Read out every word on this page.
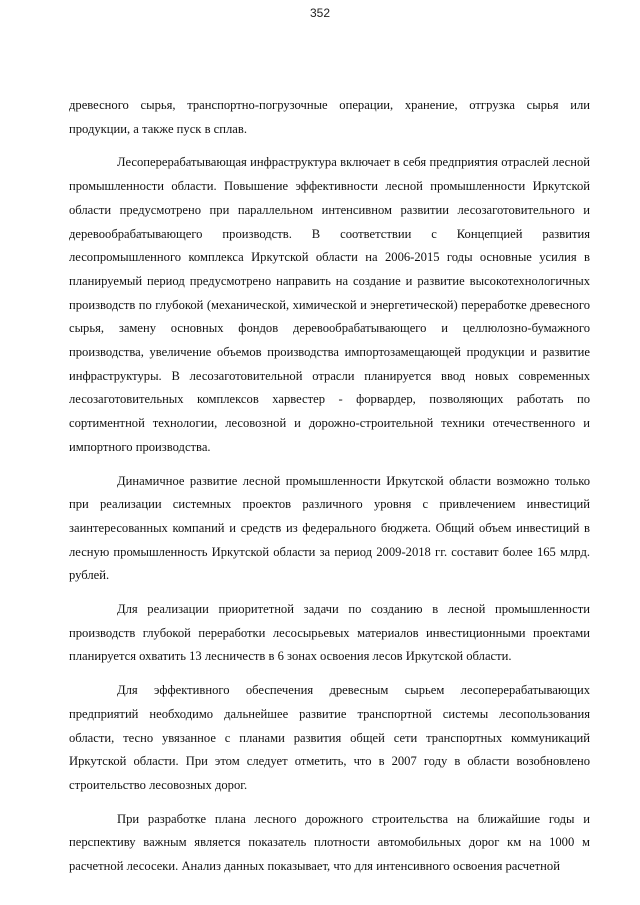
352

древесного сырья, транспортно-погрузочные операции, хранение, отгрузка сырья или продукции, а также пуск в сплав.

Лесоперерабатывающая инфраструктура включает в себя предприятия отраслей лесной промышленности области. Повышение эффективности лесной промышленности Иркутской области предусмотрено при параллельном интенсивном развитии лесозаготовительного и деревообрабатывающего производств. В соответствии с Концепцией развития лесопромышленного комплекса Иркутской области на 2006-2015 годы основные усилия в планируемый период предусмотрено направить на создание и развитие высокотехнологичных производств по глубокой (механической, химической и энергетической) переработке древесного сырья, замену основных фондов деревообрабатывающего и целлюлозно-бумажного производства, увеличение объемов производства импортозамещающей продукции и развитие инфраструктуры. В лесозаготовительной отрасли планируется ввод новых современных лесозаготовительных комплексов харвестер - форвардер, позволяющих работать по сортиментной технологии, лесовозной и дорожно-строительной техники отечественного и импортного производства.

Динамичное развитие лесной промышленности Иркутской области возможно только при реализации системных проектов различного уровня с привлечением инвестиций заинтересованных компаний и средств из федерального бюджета. Общий объем инвестиций в лесную промышленность Иркутской области за период 2009-2018 гг. составит более 165 млрд. рублей.

Для реализации приоритетной задачи по созданию в лесной промышленности производств глубокой переработки лесосырьевых материалов инвестиционными проектами планируется охватить 13 лесничеств в 6 зонах освоения лесов Иркутской области.

Для эффективного обеспечения древесным сырьем лесоперерабатывающих предприятий необходимо дальнейшее развитие транспортной системы лесопользования области, тесно увязанное с планами развития общей сети транспортных коммуникаций Иркутской области. При этом следует отметить, что в 2007 году в области возобновлено строительство лесовозных дорог.

При разработке плана лесного дорожного строительства на ближайшие годы и перспективу важным является показатель плотности автомобильных дорог км на 1000 м расчетной лесосеки. Анализ данных показывает, что для интенсивного освоения расчетной
